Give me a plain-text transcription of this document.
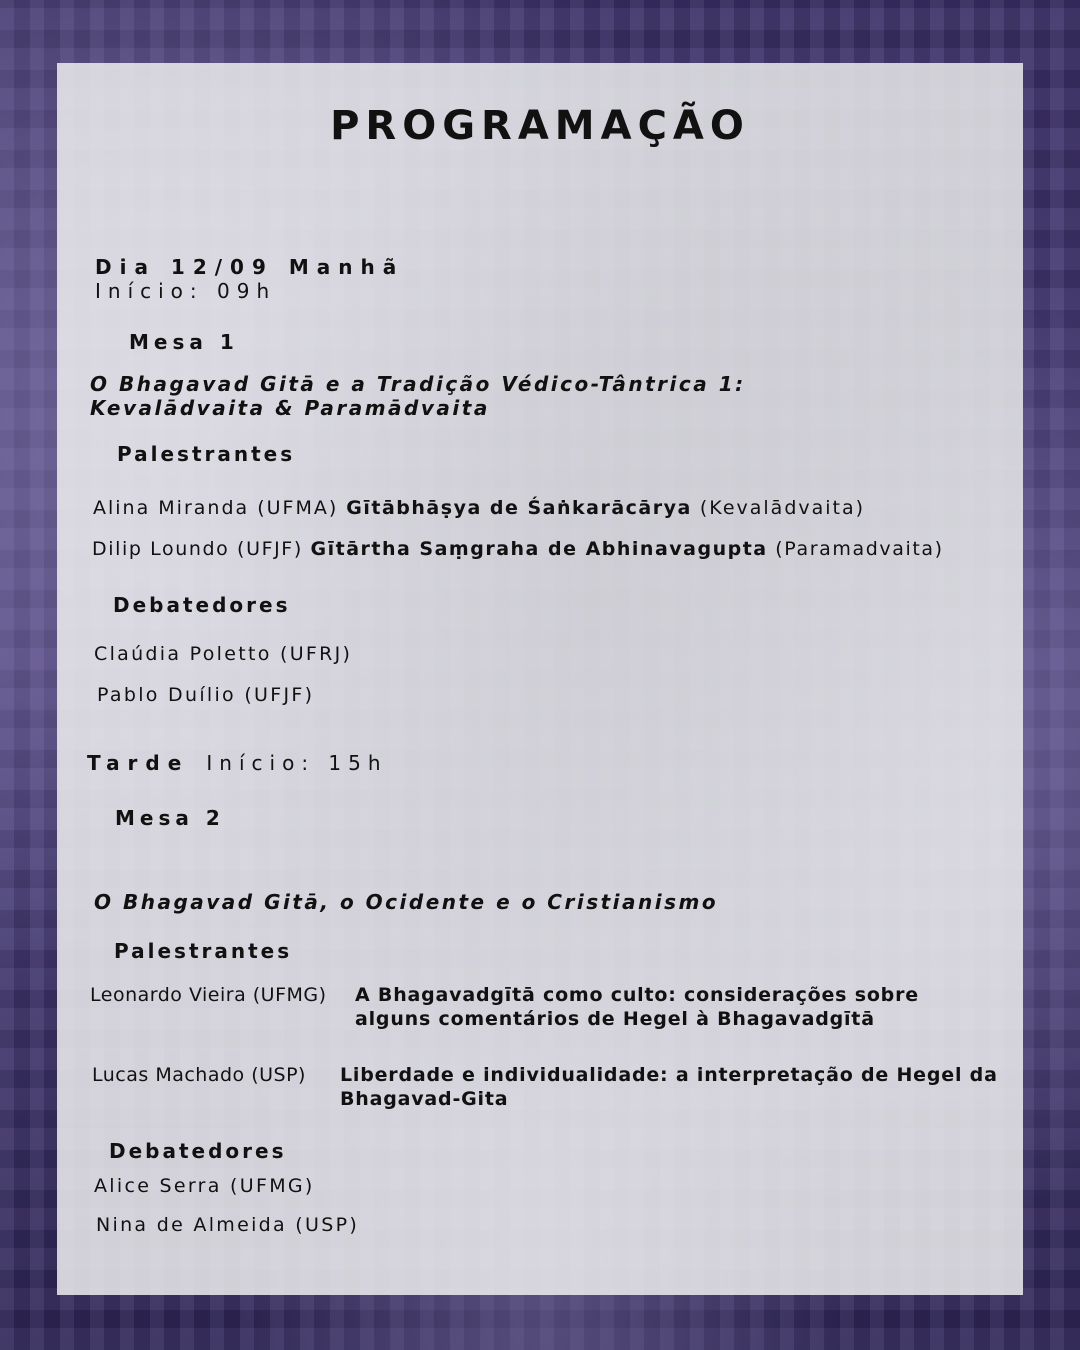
PROGRAMAÇÃO
Dia 12/09 Manhã
Início: 09h
Mesa 1
O Bhagavad Gitā e a Tradição Védico-Tântrica 1:
Kevalādvaita & Paramādvaita
Palestrantes
Alina Miranda (UFMA) Gītābhāṣya de Śaṅkarācārya (Kevalādvaita)
Dilip Loundo (UFJF) Gītārtha Saṃgraha de Abhinavagupta (Paramadvaita)
Debatedores
Claúdia Poletto (UFRJ)
Pablo Duílio (UFJF)
Tarde Início: 15h
Mesa 2
O Bhagavad Gitā, o Ocidente e o Cristianismo
Palestrantes
Leonardo Vieira (UFMG) A Bhagavadgītā como culto: considerações sobre alguns comentários de Hegel à Bhagavadgītā
Lucas Machado (USP) Liberdade e individualidade: a interpretação de Hegel da Bhagavad-Gita
Debatedores
Alice Serra (UFMG)
Nina de Almeida (USP)
